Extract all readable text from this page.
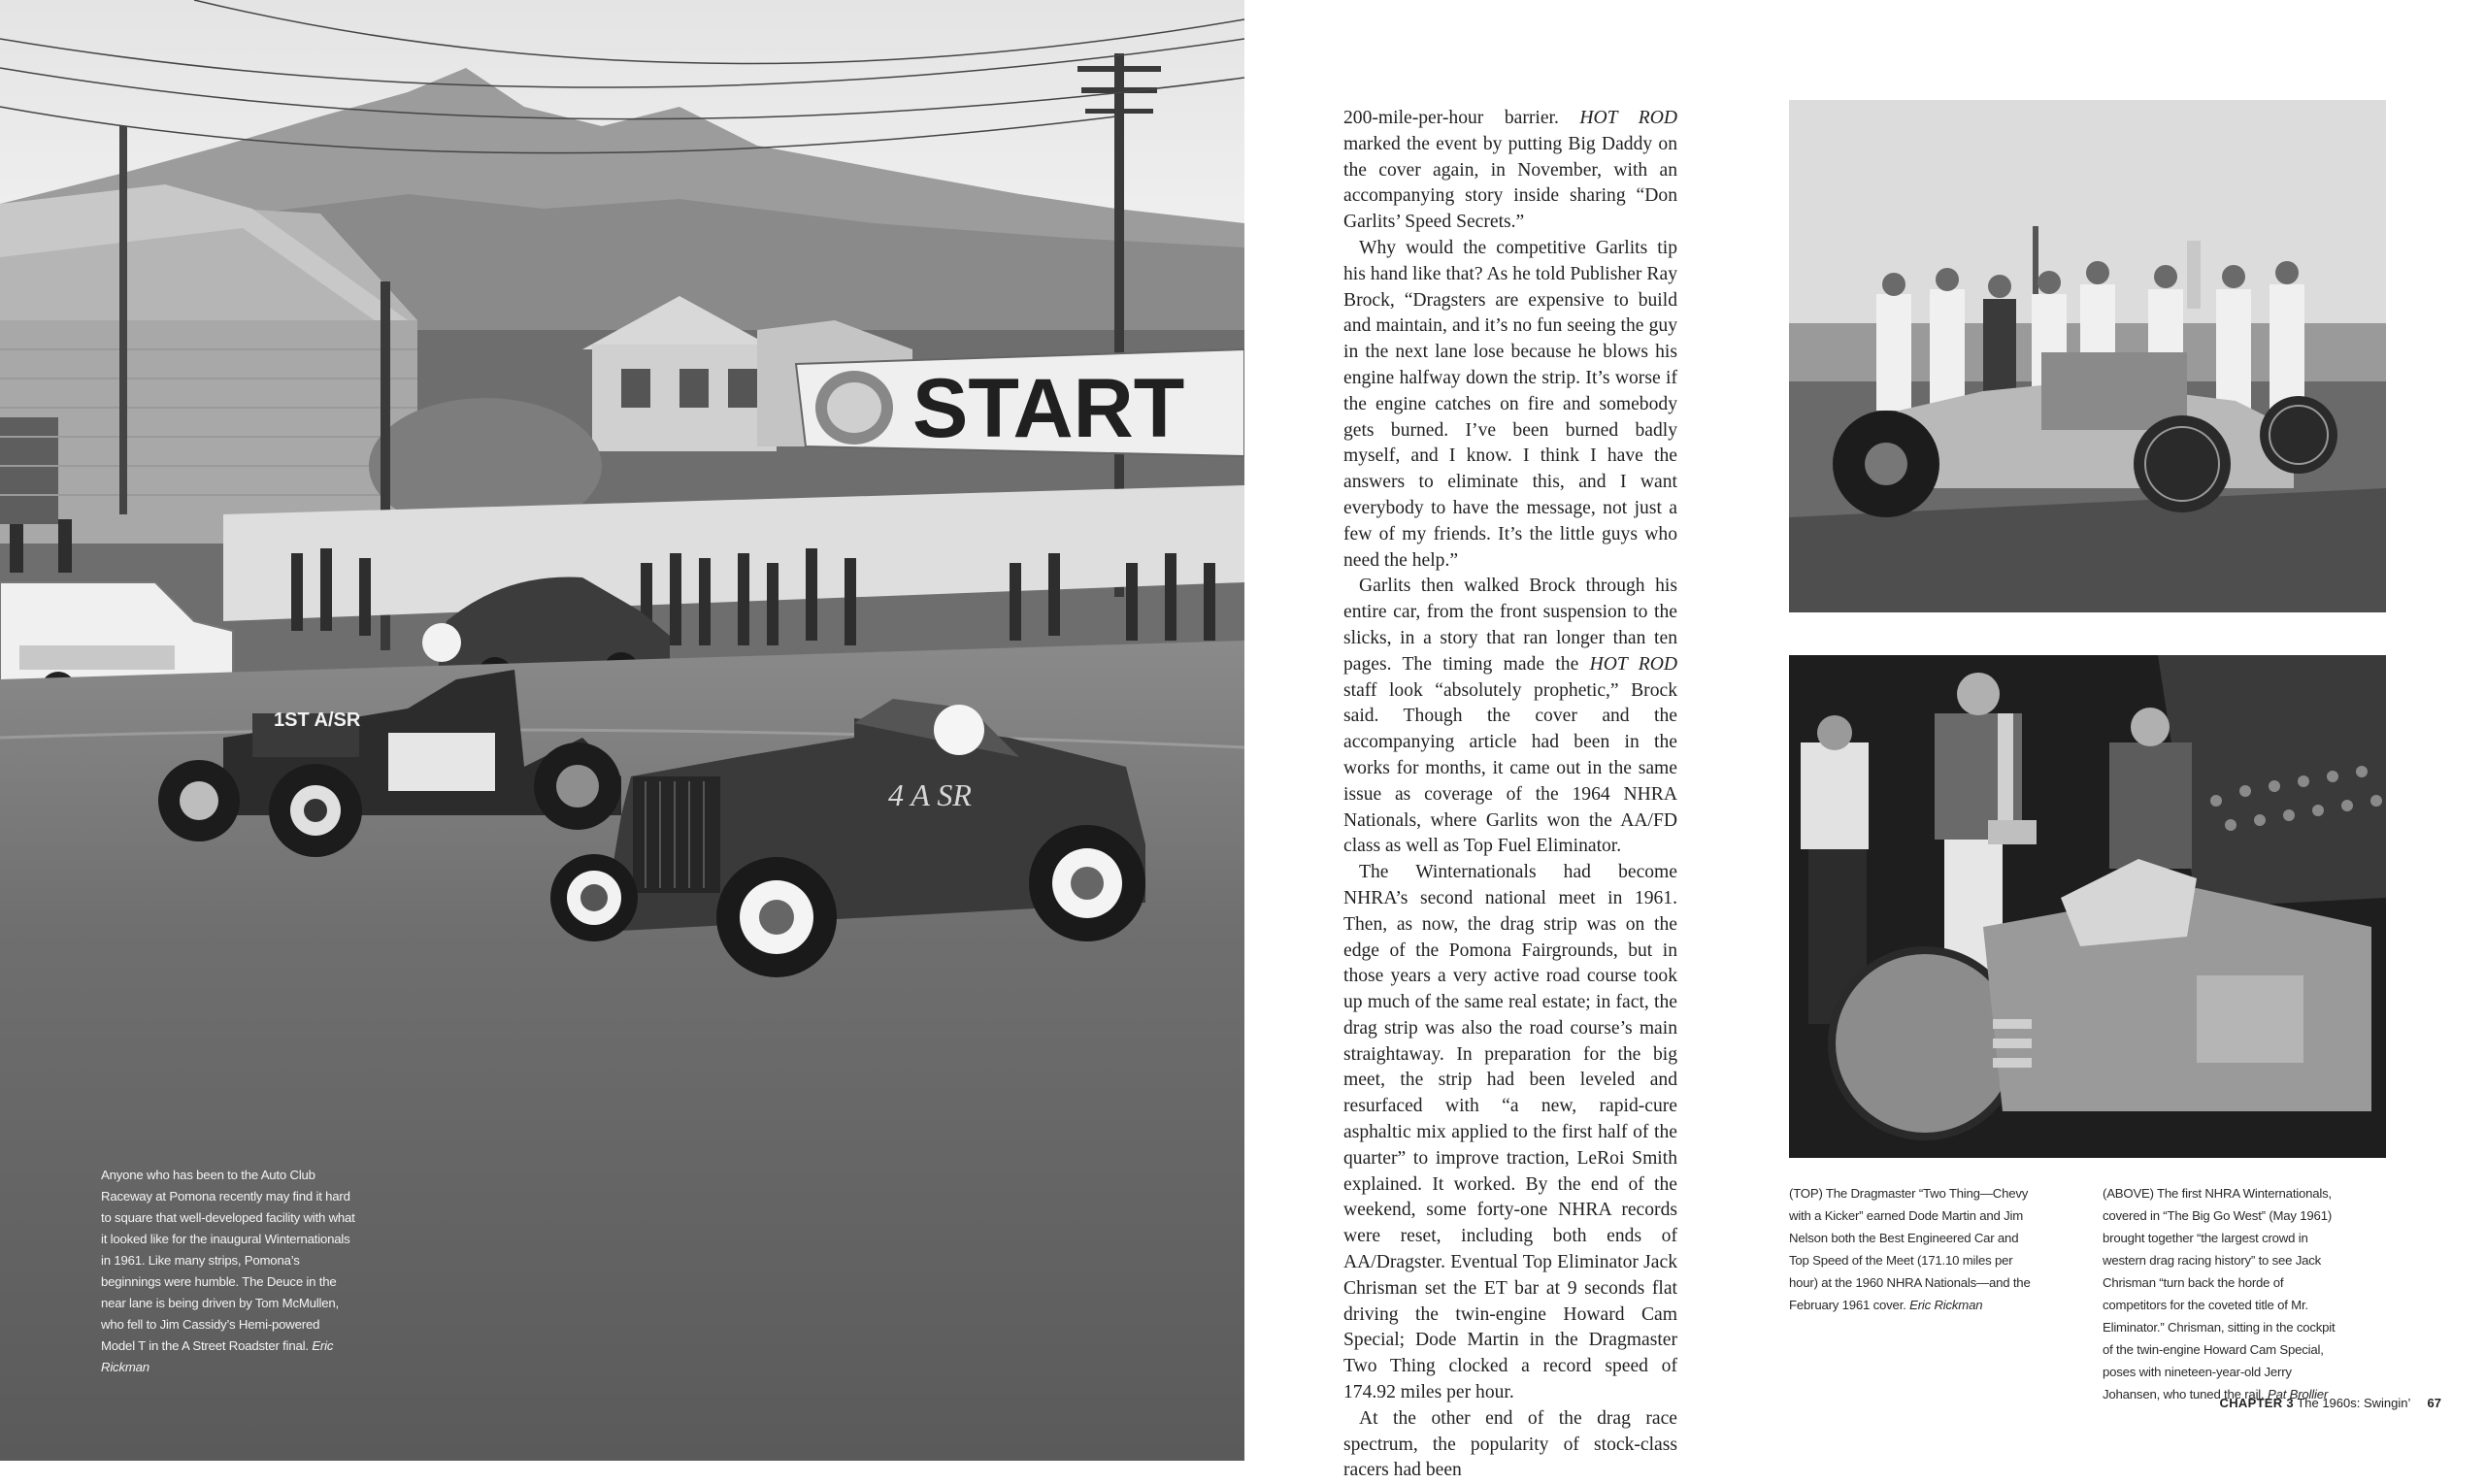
START
1ST A/SR
4 A SR
Anyone who has been to the Auto Club Raceway at Pomona recently may find it hard to square that well-developed facility with what it looked like for the inaugural Winternationals in 1961. Like many strips, Pomona’s beginnings were humble. The Deuce in the near lane is being driven by Tom McMullen, who fell to Jim Cassidy’s Hemi-powered Model T in the A Street Roadster final. Eric Rickman

200-mile-per-hour barrier. HOT ROD marked the event by putting Big Daddy on the cover again, in November, with an accompanying story inside sharing “Don Garlits’ Speed Secrets.”

Why would the competitive Garlits tip his hand like that? As he told Publisher Ray Brock, “Dragsters are expensive to build and maintain, and it’s no fun seeing the guy in the next lane lose because he blows his engine halfway down the strip. It’s worse if the engine catches on fire and somebody gets burned. I’ve been burned badly myself, and I know. I think I have the answers to eliminate this, and I want everybody to have the message, not just a few of my friends. It’s the little guys who need the help.”

Garlits then walked Brock through his entire car, from the front suspension to the slicks, in a story that ran longer than ten pages. The timing made the HOT ROD staff look “absolutely prophetic,” Brock said. Though the cover and the accompanying article had been in the works for months, it came out in the same issue as coverage of the 1964 NHRA Nationals, where Garlits won the AA/FD class as well as Top Fuel Eliminator.

The Winternationals had become NHRA’s second national meet in 1961. Then, as now, the drag strip was on the edge of the Pomona Fairgrounds, but in those years a very active road course took up much of the same real estate; in fact, the drag strip was also the road course’s main straightaway. In preparation for the big meet, the strip had been leveled and resurfaced with “a new, rapid-cure asphaltic mix applied to the first half of the quarter” to improve traction, LeRoi Smith explained. It worked. By the end of the weekend, some forty-one NHRA records were reset, including both ends of AA/Dragster. Eventual Top Eliminator Jack Chrisman set the ET bar at 9 seconds flat driving the twin-engine Howard Cam Special; Dode Martin in the Dragmaster Two Thing clocked a record speed of 174.92 miles per hour.

At the other end of the drag race spectrum, the popularity of stock-class racers had been

(TOP) The Dragmaster “Two Thing—Chevy with a Kicker” earned Dode Martin and Jim Nelson both the Best Engineered Car and Top Speed of the Meet (171.10 miles per hour) at the 1960 NHRA Nationals—and the February 1961 cover. Eric Rickman
(ABOVE) The first NHRA Winternationals, covered in “The Big Go West” (May 1961) brought together “the largest crowd in western drag racing history” to see Jack Chrisman “turn back the horde of competitors for the coveted title of Mr. Eliminator.” Chrisman, sitting in the cockpit of the twin-engine Howard Cam Special, poses with nineteen-year-old Jerry Johansen, who tuned the rail. Pat Brollier
CHAPTER 3 The 1960s: Swingin’ 67
